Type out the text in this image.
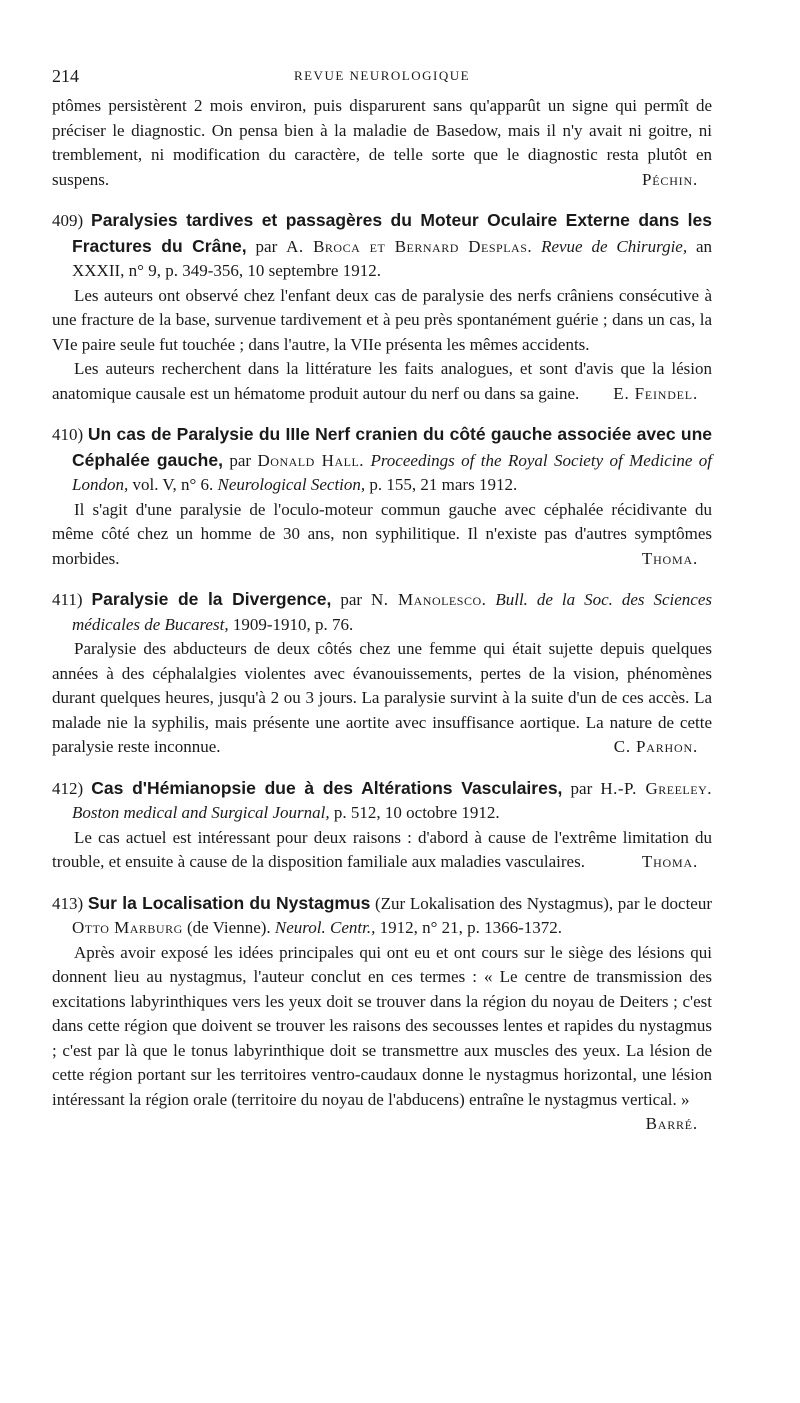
214	REVUE NEUROLOGIQUE

ptômes persistèrent 2 mois environ, puis disparurent sans qu'apparût un signe qui permît de préciser le diagnostic. On pensa bien à la maladie de Basedow, mais il n'y avait ni goitre, ni tremblement, ni modification du caractère, de telle sorte que le diagnostic resta plutôt en suspens.	Péchin.

409) Paralysies tardives et passagères du Moteur Oculaire Externe dans les Fractures du Crâne, par A. Broca et Bernard Desplas. Revue de Chirurgie, an XXXII, n° 9, p. 349-356, 10 septembre 1912.

Les auteurs ont observé chez l'enfant deux cas de paralysie des nerfs crâniens consécutive à une fracture de la base, survenue tardivement et à peu près spontanément guérie ; dans un cas, la VIe paire seule fut touchée ; dans l'autre, la VIIe présenta les mêmes accidents.

Les auteurs recherchent dans la littérature les faits analogues, et sont d'avis que la lésion anatomique causale est un hématome produit autour du nerf ou dans sa gaine.	E. Feindel.

410) Un cas de Paralysie du IIIe Nerf cranien du côté gauche associée avec une Céphalée gauche, par Donald Hall. Proceedings of the Royal Society of Medicine of London, vol. V, n° 6. Neurological Section, p. 155, 21 mars 1912.

Il s'agit d'une paralysie de l'oculo-moteur commun gauche avec céphalée récidivante du même côté chez un homme de 30 ans, non syphilitique. Il n'existe pas d'autres symptômes morbides.	Thoma.

411) Paralysie de la Divergence, par N. Manolesco. Bull. de la Soc. des Sciences médicales de Bucarest, 1909-1910, p. 76.

Paralysie des abducteurs de deux côtés chez une femme qui était sujette depuis quelques années à des céphalalgies violentes avec évanouissements, pertes de la vision, phénomènes durant quelques heures, jusqu'à 2 ou 3 jours. La paralysie survint à la suite d'un de ces accès. La malade nie la syphilis, mais présente une aortite avec insuffisance aortique. La nature de cette paralysie reste inconnue.	C. Parhon.

412) Cas d'Hémianopsie due à des Altérations Vasculaires, par H.-P. Greeley. Boston medical and Surgical Journal, p. 512, 10 octobre 1912.

Le cas actuel est intéressant pour deux raisons : d'abord à cause de l'extrême limitation du trouble, et ensuite à cause de la disposition familiale aux maladies vasculaires.	Thoma.

413) Sur la Localisation du Nystagmus (Zur Lokalisation des Nystagmus), par le docteur Otto Marburg (de Vienne). Neurol. Centr., 1912, n° 21, p. 1366-1372.

Après avoir exposé les idées principales qui ont eu et ont cours sur le siège des lésions qui donnent lieu au nystagmus, l'auteur conclut en ces termes : « Le centre de transmission des excitations labyrinthiques vers les yeux doit se trouver dans la région du noyau de Deiters ; c'est dans cette région que doivent se trouver les raisons des secousses lentes et rapides du nystagmus ; c'est par là que le tonus labyrinthique doit se transmettre aux muscles des yeux. La lésion de cette région portant sur les territoires ventro-caudaux donne le nystagmus horizontal, une lésion intéressant la région orale (territoire du noyau de l'abducens) entraîne le nystagmus vertical. »
Barré.
